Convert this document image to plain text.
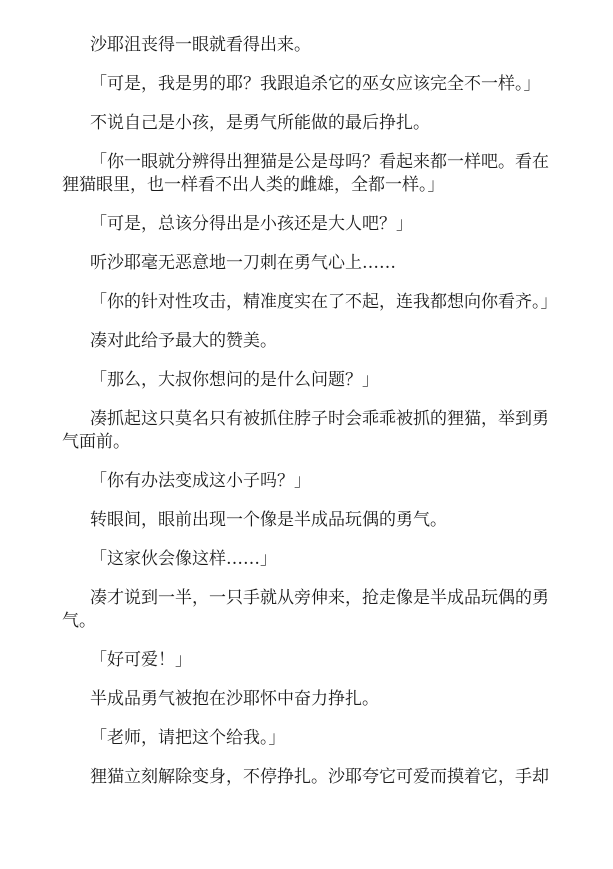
沙耶沮丧得一眼就看得出来。

「可是，我是男的耶？我跟追杀它的巫女应该完全不一样。」

不说自己是小孩，是勇气所能做的最后挣扎。

「你一眼就分辨得出狸猫是公是母吗？看起来都一样吧。看在狸猫眼里，也一样看不出人类的雌雄，全都一样。」

「可是，总该分得出是小孩还是大人吧？」

听沙耶毫无恶意地一刀刺在勇气心上……

「你的针对性攻击，精准度实在了不起，连我都想向你看齐。」

凑对此给予最大的赞美。

「那么，大叔你想问的是什么问题？」

凑抓起这只莫名只有被抓住脖子时会乖乖被抓的狸猫，举到勇气面前。

「你有办法变成这小子吗？」

转眼间，眼前出现一个像是半成品玩偶的勇气。

「这家伙会像这样……」

凑才说到一半，一只手就从旁伸来，抢走像是半成品玩偶的勇气。

「好可爱！」

半成品勇气被抱在沙耶怀中奋力挣扎。

「老师，请把这个给我。」

狸猫立刻解除变身，不停挣扎。沙耶夸它可爱而摸着它，手却
